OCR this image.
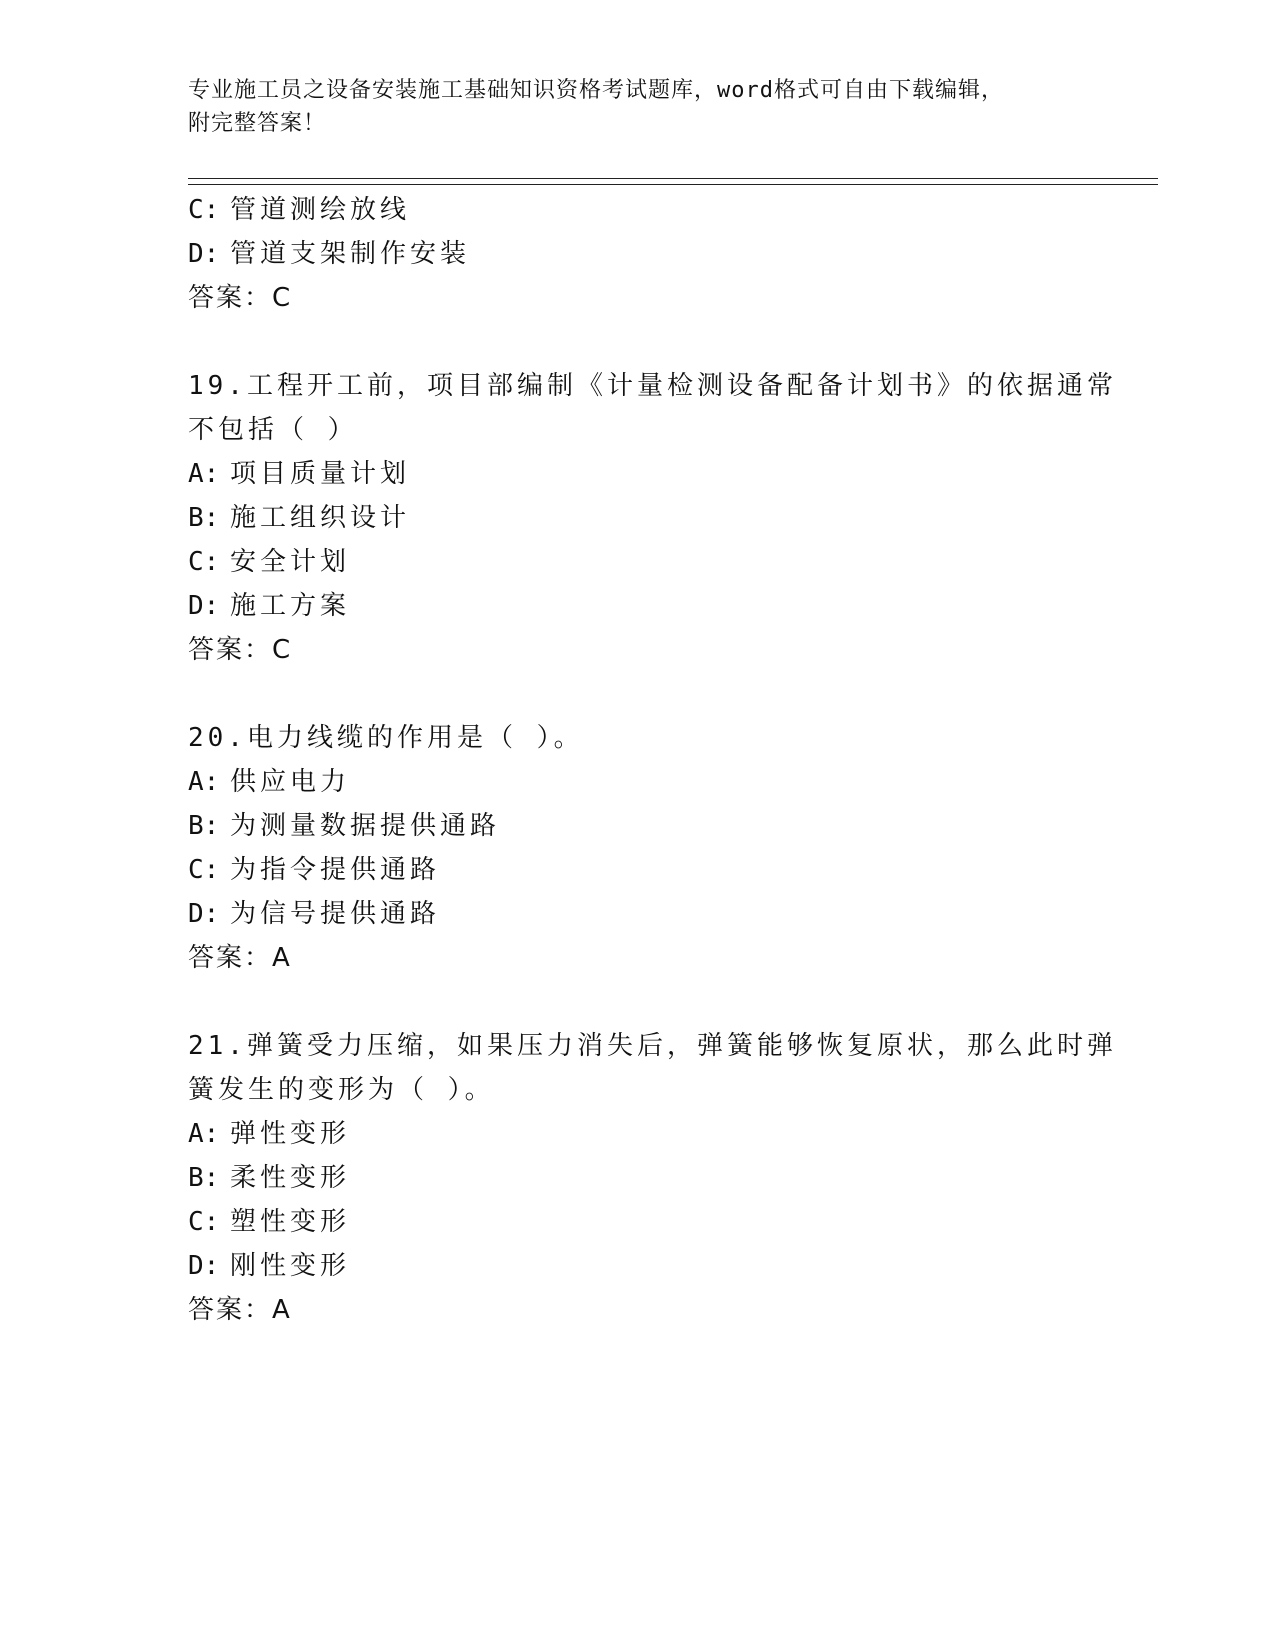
专业施工员之设备安装施工基础知识资格考试题库，word格式可自由下载编辑，
附完整答案！
C: 管道测绘放线
D: 管道支架制作安装
答案：C
19.工程开工前，项目部编制《计量检测设备配备计划书》的依据通常
不包括（ ）
A: 项目质量计划
B: 施工组织设计
C: 安全计划
D: 施工方案
答案：C
20.电力线缆的作用是（ ）。
A: 供应电力
B: 为测量数据提供通路
C: 为指令提供通路
D: 为信号提供通路
答案：A
21.弹簧受力压缩，如果压力消失后，弹簧能够恢复原状，那么此时弹
簧发生的变形为（ ）。
A: 弹性变形
B: 柔性变形
C: 塑性变形
D: 刚性变形
答案：A
